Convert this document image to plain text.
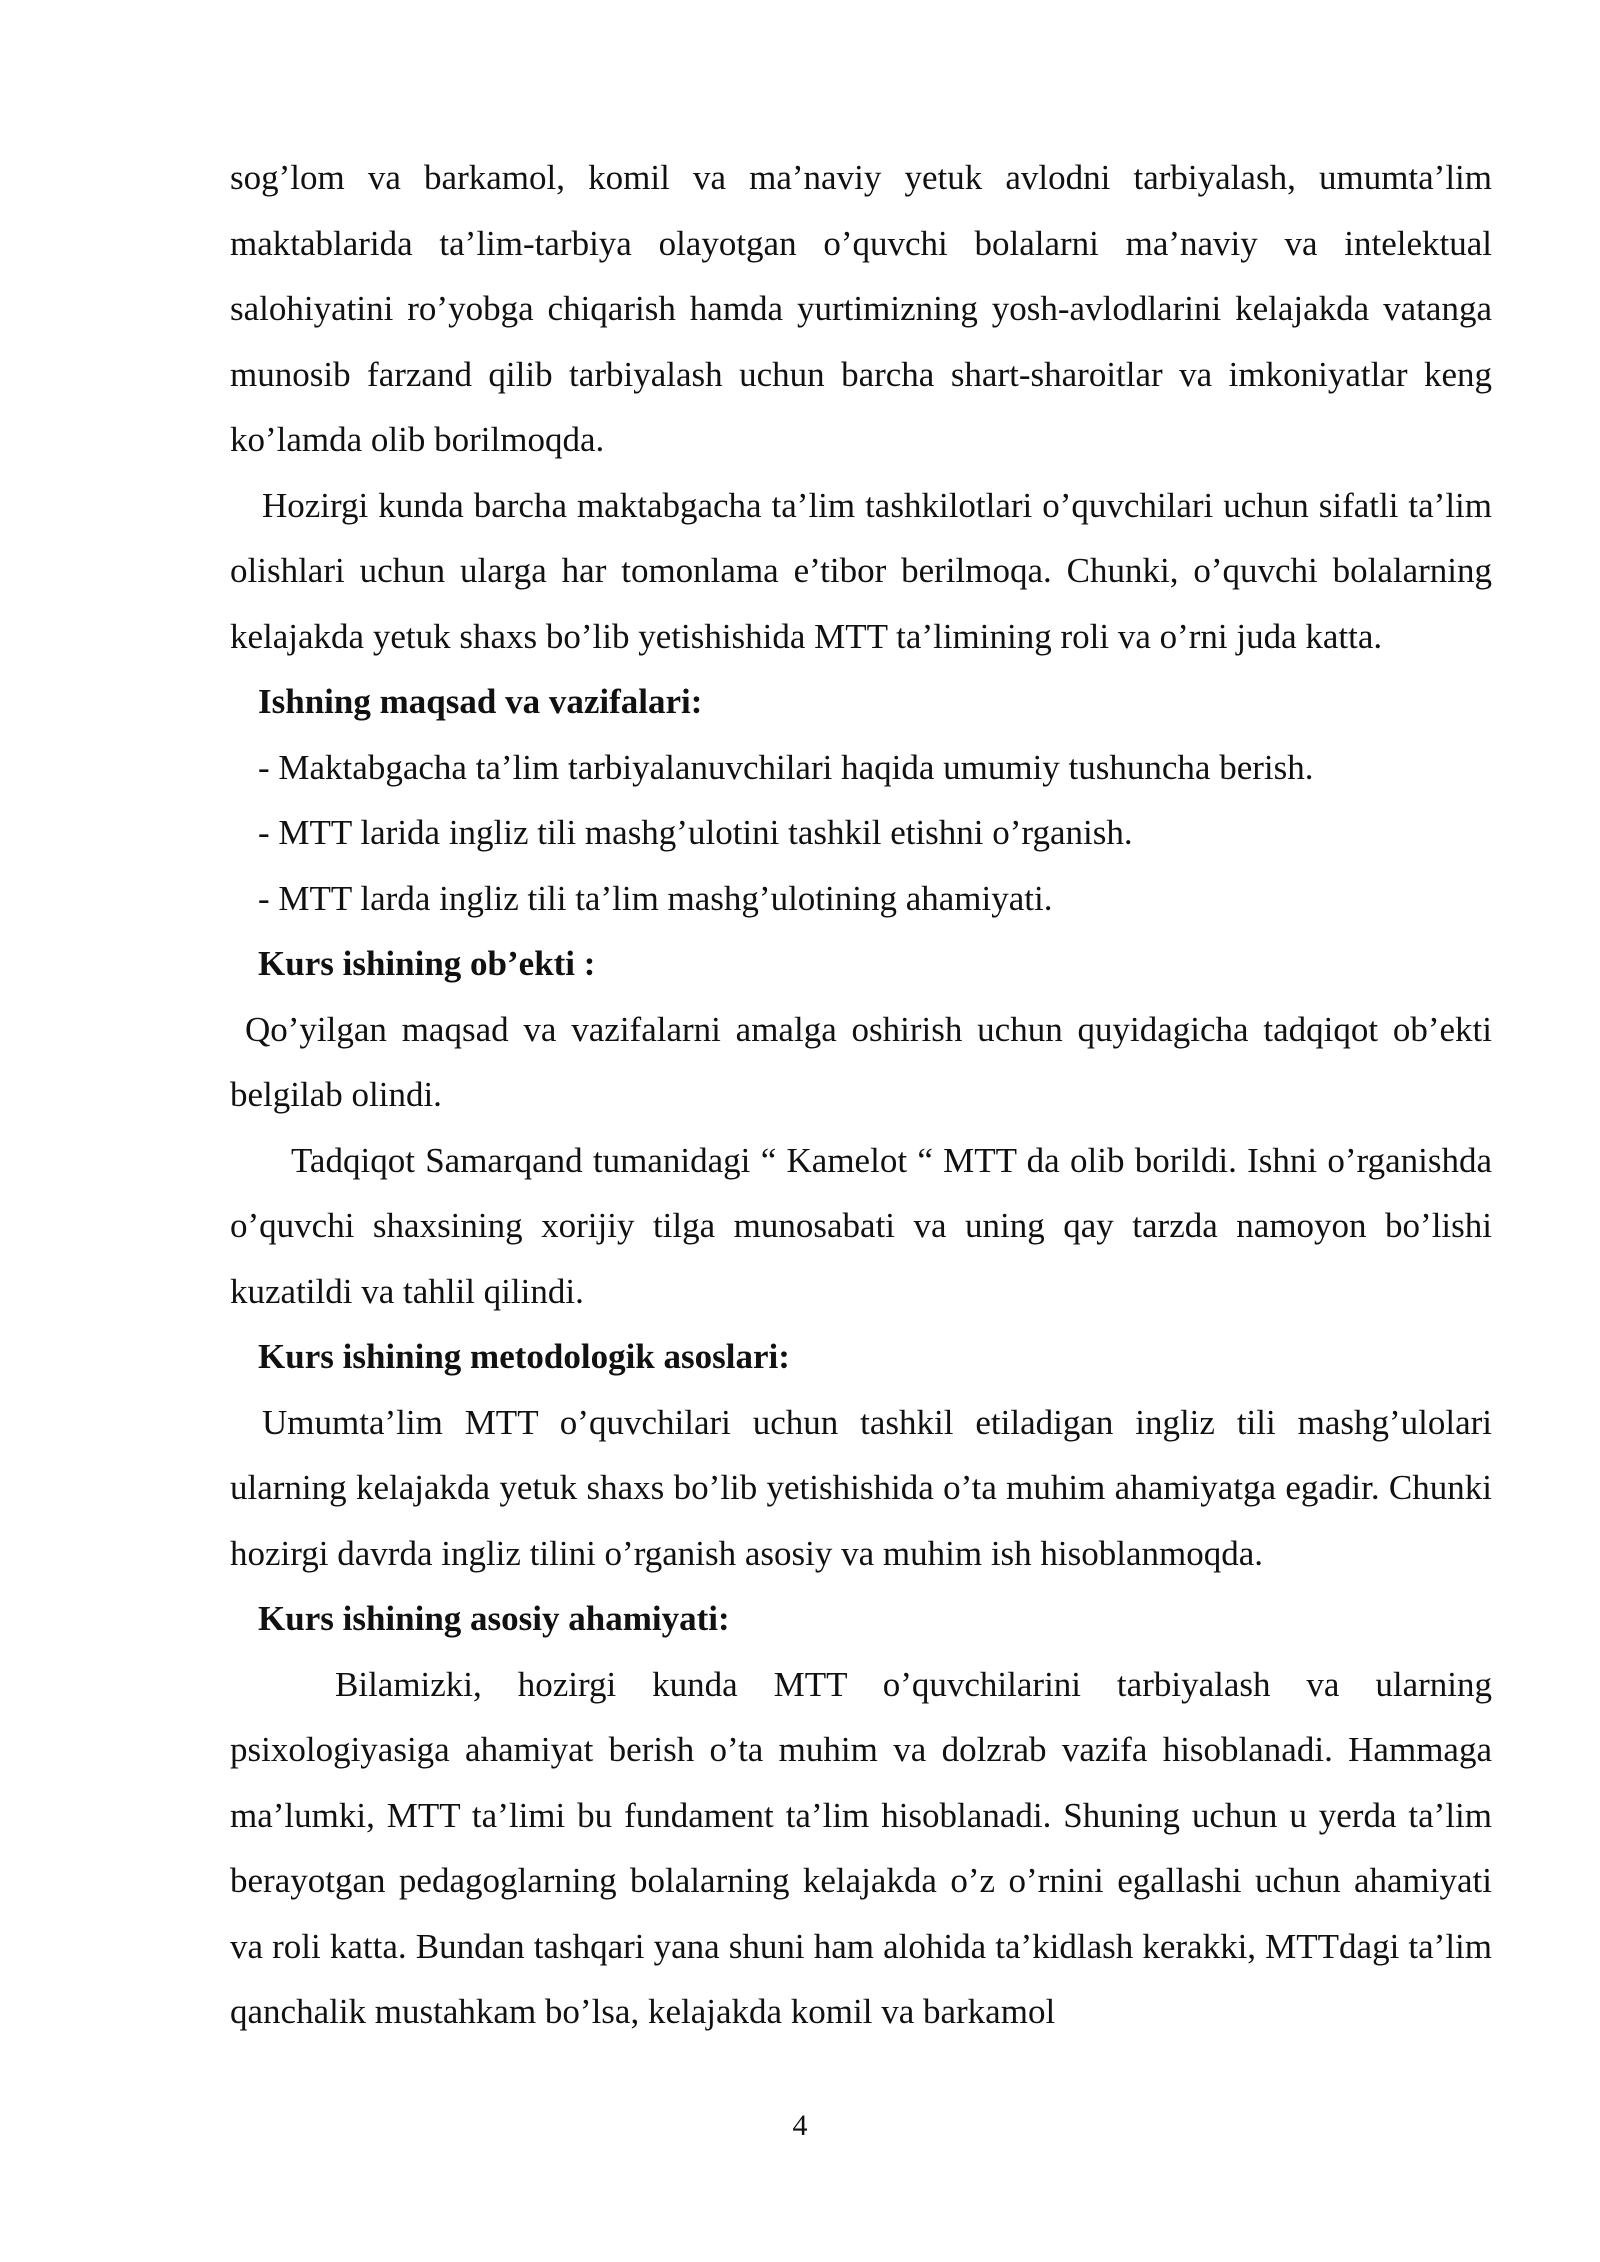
sog’lom va barkamol, komil va ma’naviy yetuk avlodni tarbiyalash, umumta’lim maktablarida ta’lim-tarbiya olayotgan o’quvchi bolalarni ma’naviy va intelektual salohiyatini ro’yobga chiqarish hamda yurtimizning yosh-avlodlarini kelajakda vatanga munosib farzand qilib tarbiyalash uchun barcha shart-sharoitlar va imkoniyatlar keng ko’lamda olib borilmoqda.

Hozirgi kunda barcha maktabgacha ta’lim tashkilotlari o’quvchilari uchun sifatli ta’lim olishlari uchun ularga har tomonlama e’tibor berilmoqa. Chunki, o’quvchi bolalarning kelajakda yetuk shaxs bo’lib yetishishida MTT ta’limining roli va o’rni juda katta.

Ishning maqsad va vazifalari:

- Maktabgacha ta’lim tarbiyalanuvchilari haqida umumiy tushuncha berish.

- MTT larida ingliz tili mashg’ulotini tashkil etishni o’rganish.

- MTT larda ingliz tili ta’lim mashg’ulotining ahamiyati.

Kurs ishining ob’ekti :

Qo’yilgan maqsad va vazifalarni amalga oshirish uchun quyidagicha tadqiqot ob’ekti belgilab olindi.

Tadqiqot Samarqand tumanidagi “ Kamelot “ MTT da olib borildi. Ishni o’rganishda o’quvchi shaxsining xorijiy tilga munosabati va uning qay tarzda namoyon bo’lishi kuzatildi va tahlil qilindi.

Kurs ishining metodologik asoslari:

Umumta’lim MTT o’quvchilari uchun tashkil etiladigan ingliz tili mashg’ulolari ularning kelajakda yetuk shaxs bo’lib yetishishida o’ta muhim ahamiyatga egadir. Chunki hozirgi davrda ingliz tilini o’rganish asosiy va muhim ish hisoblanmoqda.

Kurs ishining asosiy ahamiyati:

Bilamizki, hozirgi kunda MTT o’quvchilarini tarbiyalash va ularning psixologiyasiga ahamiyat berish o’ta muhim va dolzrab vazifa hisoblanadi. Hammaga ma’lumki, MTT ta’limi bu fundament ta’lim hisoblanadi. Shuning uchun u yerda ta’lim berayotgan pedagoglarning bolalarning kelajakda o’z o’rnini egallashi uchun ahamiyati va roli katta. Bundan tashqari yana shuni ham alohida ta’kidlash kerakki, MTTdagi ta’lim qanchalik mustahkam bo’lsa, kelajakda komil va barkamol

4
